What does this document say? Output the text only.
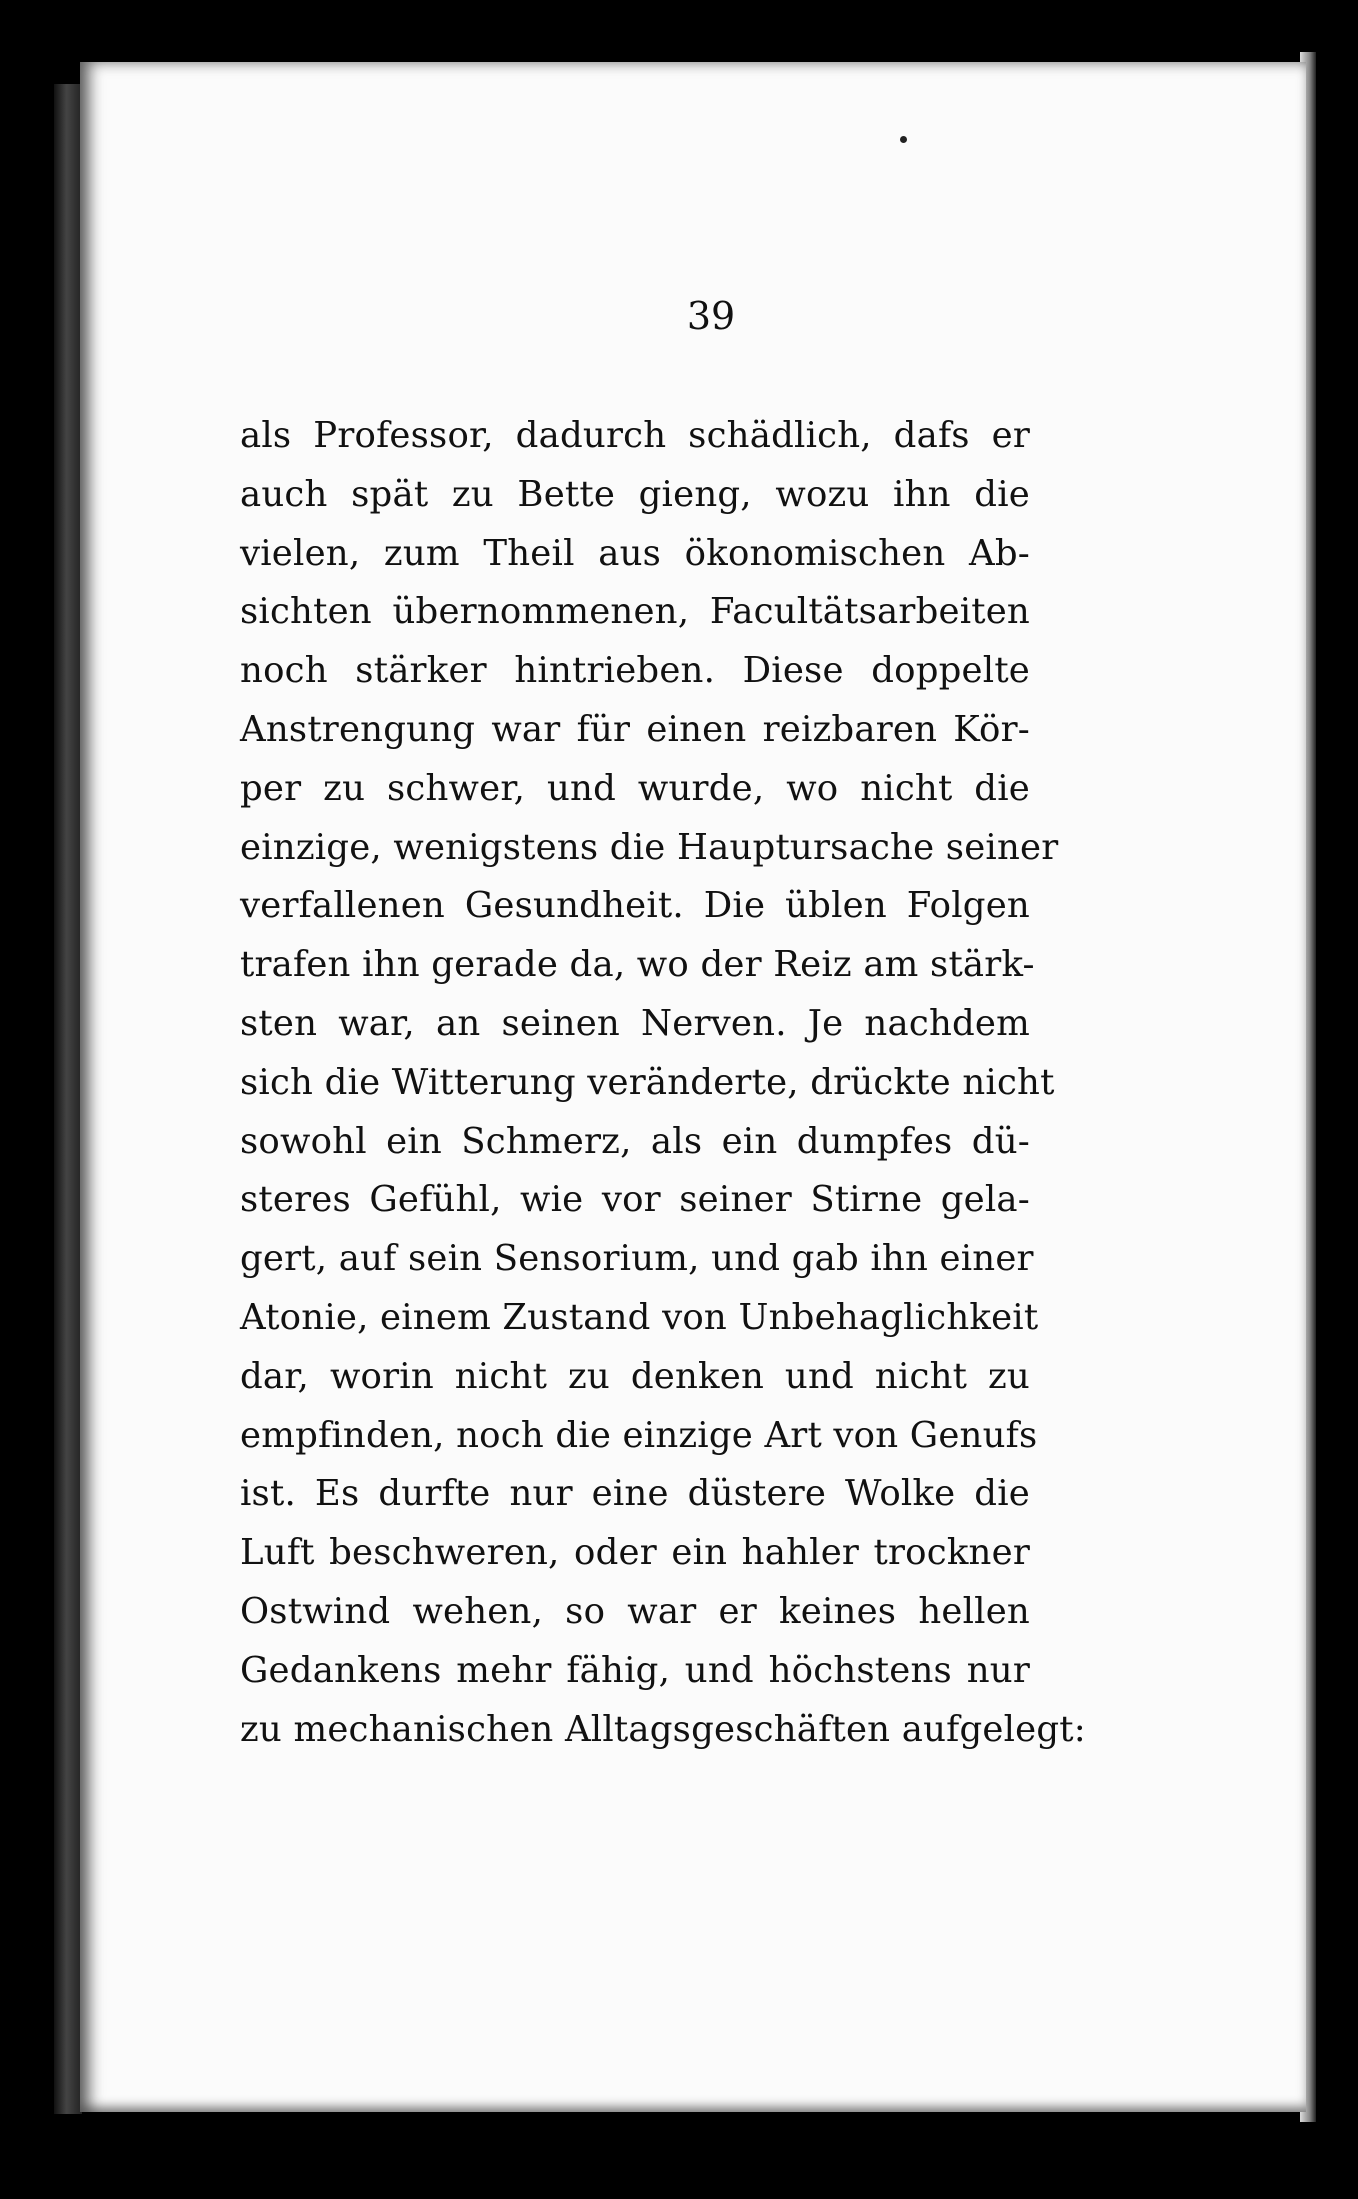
39
als Professor, dadurch schädlich, dafs er
auch spät zu Bette gieng, wozu ihn die
vielen, zum Theil aus ökonomischen Ab-
sichten übernommenen, Facultätsarbeiten
noch stärker hintrieben. Diese doppelte
Anstrengung war für einen reizbaren Kör-
per zu schwer, und wurde, wo nicht die
einzige, wenigstens die Hauptursache seiner
verfallenen Gesundheit. Die üblen Folgen
trafen ihn gerade da, wo der Reiz am stärk-
sten war, an seinen Nerven. Je nachdem
sich die Witterung veränderte, drückte nicht
sowohl ein Schmerz, als ein dumpfes dü-
steres Gefühl, wie vor seiner Stirne gela-
gert, auf sein Sensorium, und gab ihn einer
Atonie, einem Zustand von Unbehaglichkeit
dar, worin nicht zu denken und nicht zu
empfinden, noch die einzige Art von Genufs
ist. Es durfte nur eine düstere Wolke die
Luft beschweren, oder ein hahler trockner
Ostwind wehen, so war er keines hellen
Gedankens mehr fähig, und höchstens nur
zu mechanischen Alltagsgeschäften aufgelegt:
